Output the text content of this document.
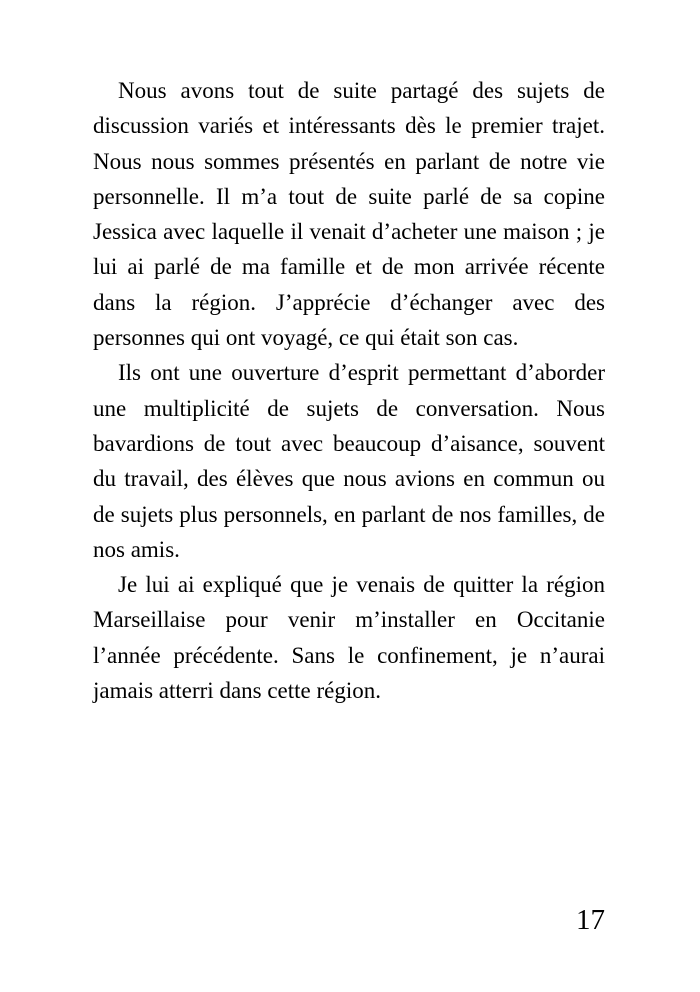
Nous avons tout de suite partagé des sujets de discussion variés et intéressants dès le premier trajet. Nous nous sommes présentés en parlant de notre vie personnelle. Il m’a tout de suite parlé de sa copine Jessica avec laquelle il venait d’acheter une maison ; je lui ai parlé de ma famille et de mon arrivée récente dans la région. J’apprécie d’échanger avec des personnes qui ont voyagé, ce qui était son cas.

Ils ont une ouverture d’esprit permettant d’aborder une multiplicité de sujets de conversation. Nous bavardions de tout avec beaucoup d’aisance, souvent du travail, des élèves que nous avions en commun ou de sujets plus personnels, en parlant de nos familles, de nos amis.

Je lui ai expliqué que je venais de quitter la région Marseillaise pour venir m’installer en Occitanie l’année précédente. Sans le confinement, je n’aurai jamais atterri dans cette région.

17
